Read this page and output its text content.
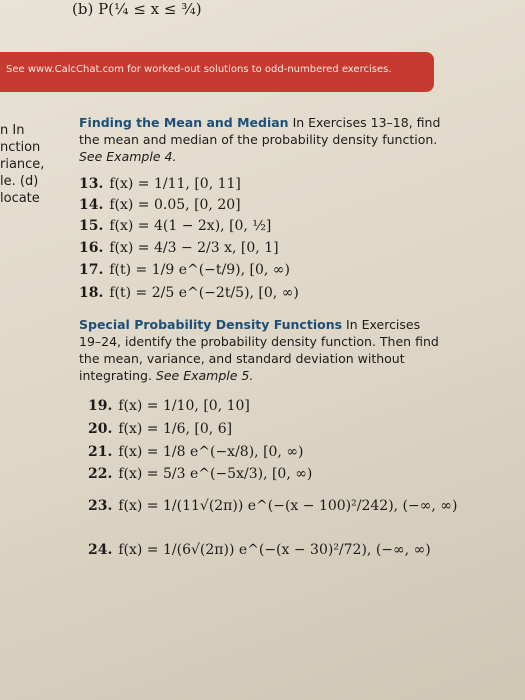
(b) P(¼ ≤ x ≤ ¾)
See www.CalcChat.com for worked-out solutions to odd-numbered exercises.
n In
nction
riance,
le. (d)
locate
Finding the Mean and Median In Exercises 13–18, find the mean and median of the probability density function. See Example 4.
13. f(x) = 1/11, [0, 11]
14. f(x) = 0.05, [0, 20]
15. f(x) = 4(1 − 2x), [0, ½]
16. f(x) = 4/3 − 2/3 x, [0, 1]
17. f(t) = 1/9 e^(−t/9), [0, ∞)
18. f(t) = 2/5 e^(−2t/5), [0, ∞)
Special Probability Density Functions In Exercises 19–24, identify the probability density function. Then find the mean, variance, and standard deviation without integrating. See Example 5.
19. f(x) = 1/10, [0, 10]
20. f(x) = 1/6, [0, 6]
21. f(x) = 1/8 e^(−x/8), [0, ∞)
22. f(x) = 5/3 e^(−5x/3), [0, ∞)
23. f(x) = 1/(11√(2π)) e^(−(x − 100)²/242), (−∞, ∞)
24. f(x) = 1/(6√(2π)) e^(−(x − 30)²/72), (−∞, ∞)
